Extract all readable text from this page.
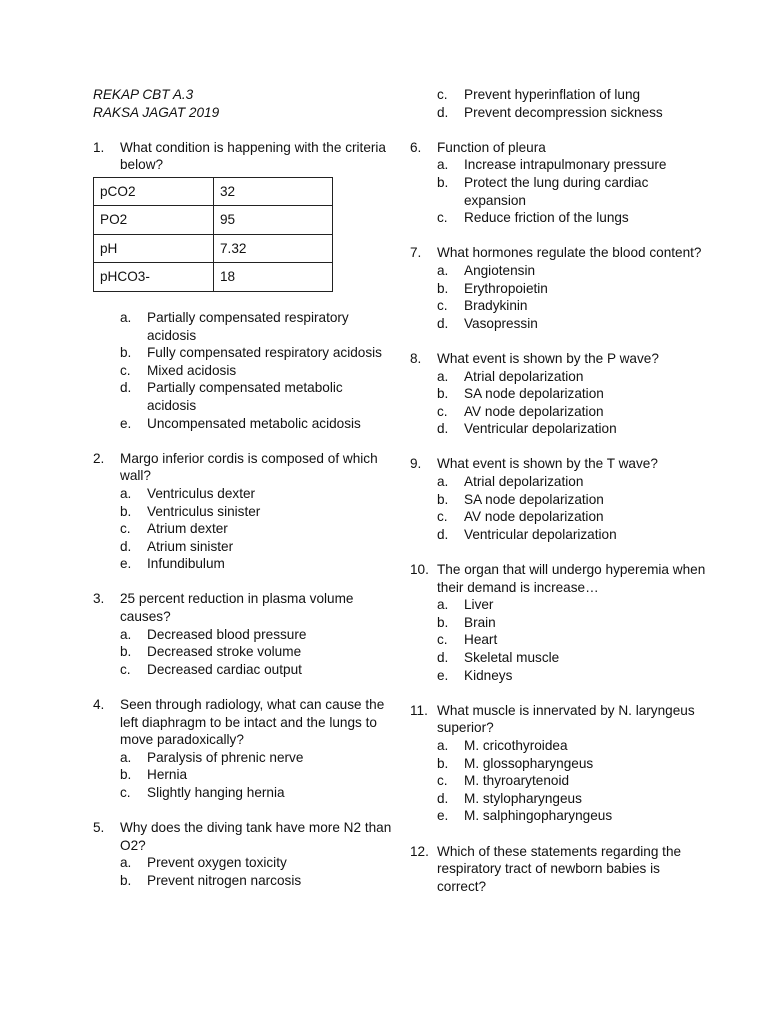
REKAP CBT A.3
RAKSA JAGAT 2019
1.	What condition is happening with the criteria below?
pCO2	32
PO2	95
pH	7.32
pHCO3-	18
a.	Partially compensated respiratory acidosis
b.	Fully compensated respiratory acidosis
c.	Mixed acidosis
d.	Partially compensated metabolic acidosis
e.	Uncompensated metabolic acidosis
2.	Margo inferior cordis is composed of which wall?
a.	Ventriculus dexter
b.	Ventriculus sinister
c.	Atrium dexter
d.	Atrium sinister
e.	Infundibulum
3.	25 percent reduction in plasma volume causes?
a.	Decreased blood pressure
b.	Decreased stroke volume
c.	Decreased cardiac output
4.	Seen through radiology, what can cause the left diaphragm to be intact and the lungs to move paradoxically?
a.	Paralysis of phrenic nerve
b.	Hernia
c.	Slightly hanging hernia
5.	Why does the diving tank have more N2 than O2?
a.	Prevent oxygen toxicity
b.	Prevent nitrogen narcosis
c.	Prevent hyperinflation of lung
d.	Prevent decompression sickness
6.	Function of pleura
a.	Increase intrapulmonary pressure
b.	Protect the lung during cardiac expansion
c.	Reduce friction of the lungs
7.	What hormones regulate the blood content?
a.	Angiotensin
b.	Erythropoietin
c.	Bradykinin
d.	Vasopressin
8.	What event is shown by the P wave?
a.	Atrial depolarization
b.	SA node depolarization
c.	AV node depolarization
d.	Ventricular depolarization
9.	What event is shown by the T wave?
a.	Atrial depolarization
b.	SA node depolarization
c.	AV node depolarization
d.	Ventricular depolarization
10. The organ that will undergo hyperemia when their demand is increase…
a.	Liver
b.	Brain
c.	Heart
d.	Skeletal muscle
e.	Kidneys
11. What muscle is innervated by N. laryngeus superior?
a.	M. cricothyroidea
b.	M. glossopharyngeus
c.	M. thyroarytenoid
d.	M. stylopharyngeus
e.	M. salphingopharyngeus
12. Which of these statements regarding the respiratory tract of newborn babies is correct?
